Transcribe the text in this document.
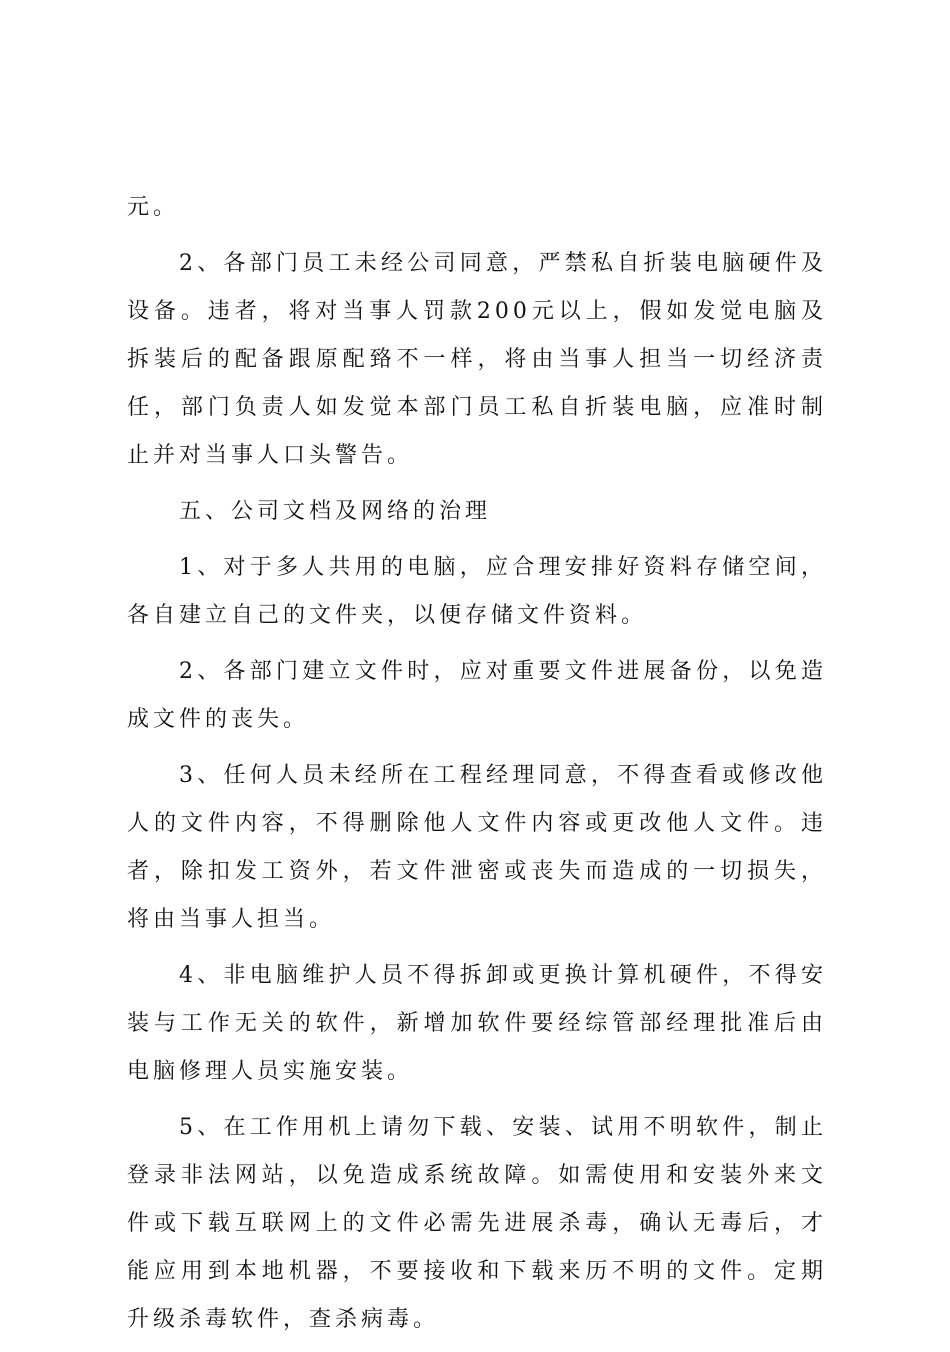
元。

2、各部门员工未经公司同意，严禁私自折装电脑硬件及设备。违者，将对当事人罚款200元以上，假如发觉电脑及拆装后的配备跟原配臵不一样，将由当事人担当一切经济责任，部门负责人如发觉本部门员工私自折装电脑，应准时制止并对当事人口头警告。

五、公司文档及网络的治理

1、对于多人共用的电脑，应合理安排好资料存储空间，各自建立自己的文件夹，以便存储文件资料。

2、各部门建立文件时，应对重要文件进展备份，以免造成文件的丧失。

3、任何人员未经所在工程经理同意，不得查看或修改他人的文件内容，不得删除他人文件内容或更改他人文件。违者，除扣发工资外，若文件泄密或丧失而造成的一切损失，将由当事人担当。

4、非电脑维护人员不得拆卸或更换计算机硬件，不得安装与工作无关的软件，新增加软件要经综管部经理批准后由电脑修理人员实施安装。

5、在工作用机上请勿下载、安装、试用不明软件，制止登录非法网站，以免造成系统故障。如需使用和安装外来文件或下载互联网上的文件必需先进展杀毒，确认无毒后，才能应用到本地机器，不要接收和下载来历不明的文件。定期升级杀毒软件，查杀病毒。
